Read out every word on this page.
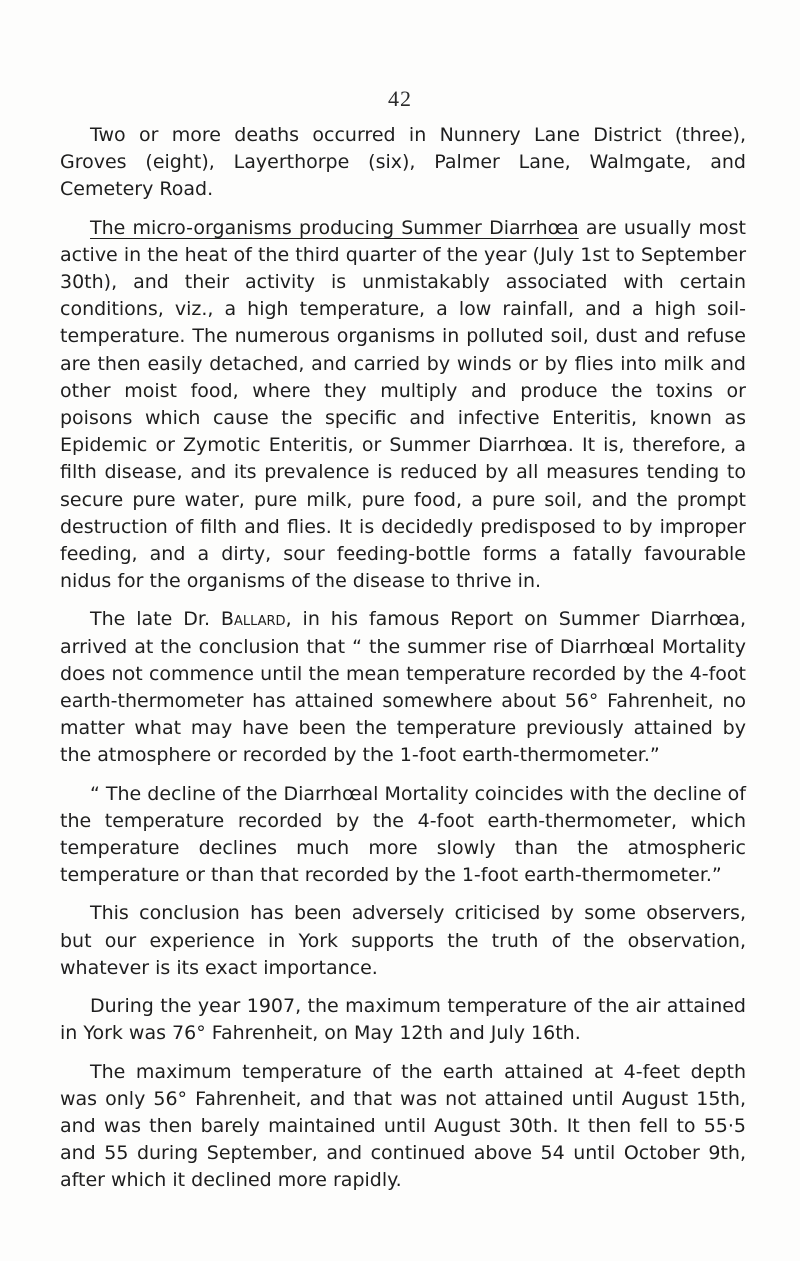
42

Two or more deaths occurred in Nunnery Lane District (three), Groves (eight), Layerthorpe (six), Palmer Lane, Walmgate, and Cemetery Road.

The micro-organisms producing Summer Diarrhœa are usually most active in the heat of the third quarter of the year (July 1st to September 30th), and their activity is unmistakably associated with certain conditions, viz., a high temperature, a low rainfall, and a high soil-temperature. The numerous organisms in polluted soil, dust and refuse are then easily detached, and carried by winds or by flies into milk and other moist food, where they multiply and produce the toxins or poisons which cause the specific and infective Enteritis, known as Epidemic or Zymotic Enteritis, or Summer Diarrhœa. It is, therefore, a filth disease, and its prevalence is reduced by all measures tending to secure pure water, pure milk, pure food, a pure soil, and the prompt destruction of filth and flies. It is decidedly predisposed to by improper feeding, and a dirty, sour feeding-bottle forms a fatally favourable nidus for the organisms of the disease to thrive in.

The late Dr. Ballard, in his famous Report on Summer Diarrhœa, arrived at the conclusion that “ the summer rise of Diarrhœal Mortality does not commence until the mean temperature recorded by the 4-foot earth-thermometer has attained somewhere about 56° Fahrenheit, no matter what may have been the temperature previously attained by the atmosphere or recorded by the 1-foot earth-thermometer.”

“ The decline of the Diarrhœal Mortality coincides with the decline of the temperature recorded by the 4-foot earth-thermometer, which temperature declines much more slowly than the atmospheric temperature or than that recorded by the 1-foot earth-thermometer.”

This conclusion has been adversely criticised by some observers, but our experience in York supports the truth of the observation, whatever is its exact importance.

During the year 1907, the maximum temperature of the air attained in York was 76° Fahrenheit, on May 12th and July 16th.

The maximum temperature of the earth attained at 4-feet depth was only 56° Fahrenheit, and that was not attained until August 15th, and was then barely maintained until August 30th. It then fell to 55·5 and 55 during September, and continued above 54 until October 9th, after which it declined more rapidly.
